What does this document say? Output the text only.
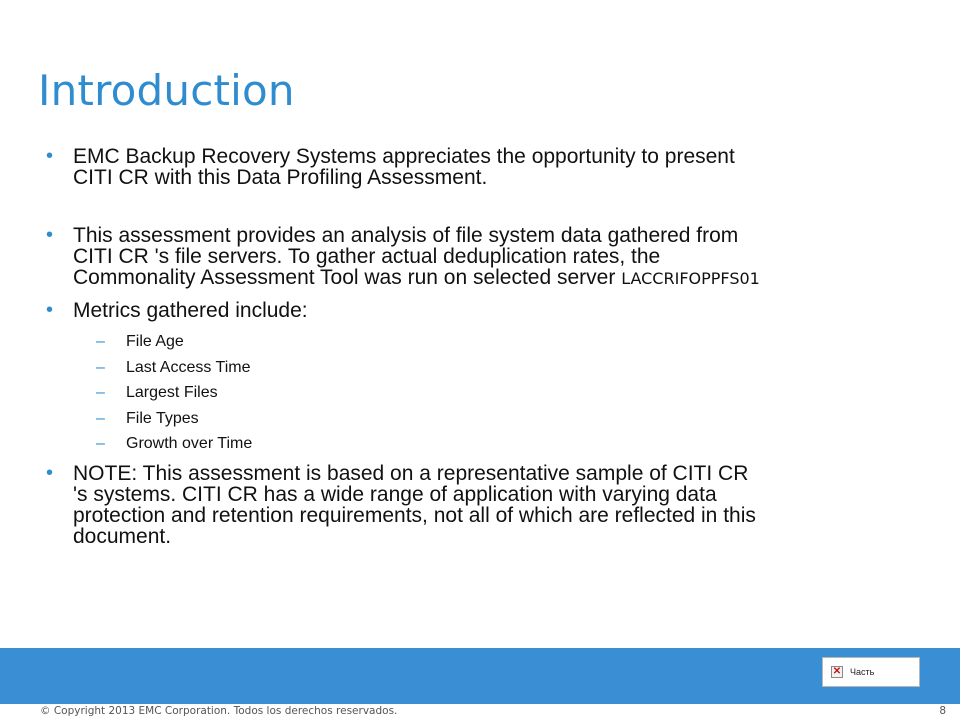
Introduction
• EMC Backup Recovery Systems appreciates the opportunity to present
CITI CR with this Data Profiling Assessment.
• This assessment provides an analysis of file system data gathered from
CITI CR 's file servers. To gather actual deduplication rates, the
Commonality Assessment Tool was run on selected server LACCRIFOPPFS01
• Metrics gathered include:
– File Age
– Last Access Time
– Largest Files
– File Types
– Growth over Time
• NOTE: This assessment is based on a representative sample of CITI CR
's systems. CITI CR has a wide range of application with varying data
protection and retention requirements, not all of which are reflected in this
document.
✕ Часть
© Copyright 2013 EMC Corporation. Todos los derechos reservados.	8
